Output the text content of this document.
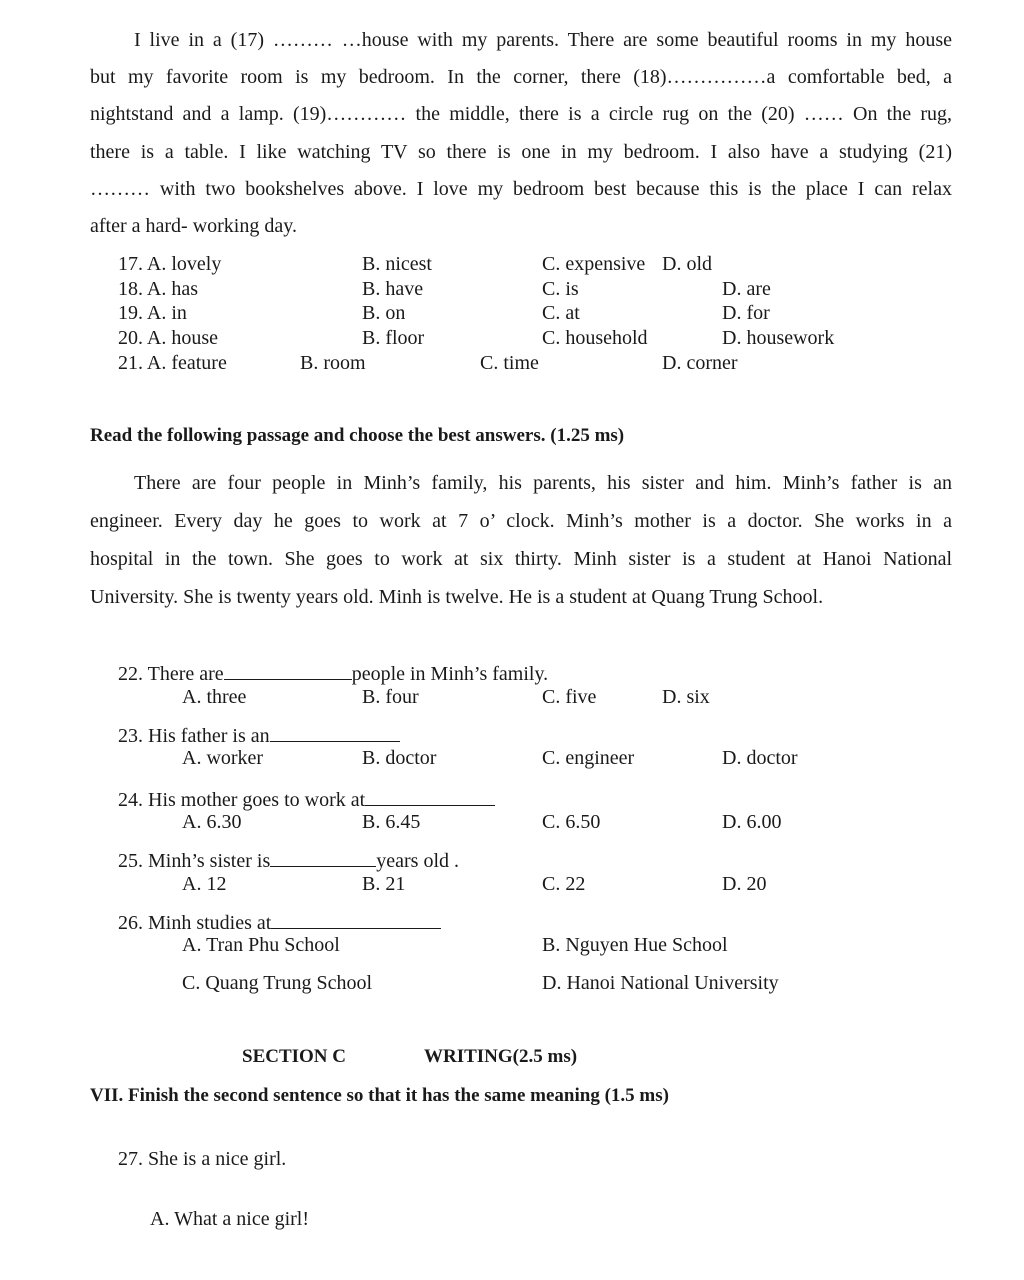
I live in a (17) ……… …house with my parents. There are some beautiful rooms in my house
but my favorite room is my bedroom. In the corner, there (18)……………a comfortable bed, a
nightstand and a lamp. (19)………… the middle, there is a circle rug on the (20) …… On the rug,
there is a table. I like watching TV so there is one in my bedroom. I also have a studying (21)
……… with two bookshelves above. I love my bedroom best because this is the place I can relax
after a hard- working day.
17. A. lovely	B. nicest	C. expensive D. old
18. A. has	B. have	C. is	D. are
19. A. in	B. on	C. at	D. for
20. A. house	B. floor	C. household	D. housework
21. A. feature	B. room	C. time	D. corner
Read the following passage and choose the best answers. (1.25 ms)
There are four people in Minh’s family, his parents, his sister and him. Minh’s father is an
engineer. Every day he goes to work at 7 o’ clock. Minh’s mother is a doctor. She works in a
hospital in the town. She goes to work at six thirty. Minh sister is a student at Hanoi National
University. She is twenty years old. Minh is twelve. He is a student at Quang Trung School.
22. There are	people in Minh’s family.
A. three	B. four	C. five	D. six
23. His father is an
A. worker	B. doctor	C. engineer	D. doctor
24. His mother goes to work at
A. 6.30	B. 6.45	C. 6.50	D. 6.00
25. Minh’s sister is	years old .
A. 12	B. 21	C. 22	D. 20
26. Minh studies at
A. Tran Phu School	B. Nguyen Hue School
C. Quang Trung School	D. Hanoi National University
SECTION C	WRITING(2.5 ms)
VII. Finish the second sentence so that it has the same meaning (1.5 ms)
27. She is a nice girl.
A. What a nice girl!
